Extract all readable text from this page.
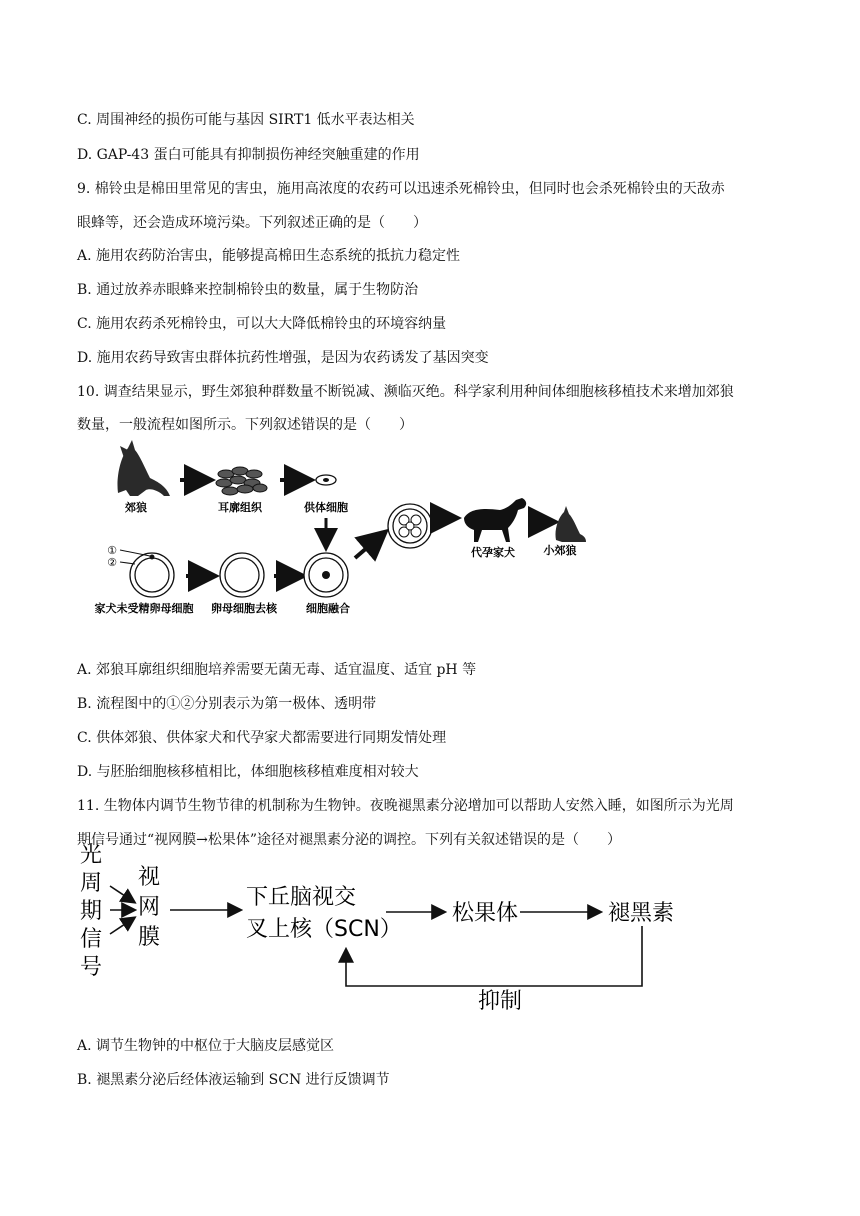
C. 周围神经的损伤可能与基因 SIRT1 低水平表达相关
D. GAP-43 蛋白可能具有抑制损伤神经突触重建的作用
9. 棉铃虫是棉田里常见的害虫，施用高浓度的农药可以迅速杀死棉铃虫，但同时也会杀死棉铃虫的天敌赤
眼蜂等，还会造成环境污染。下列叙述正确的是（　　）
A. 施用农药防治害虫，能够提高棉田生态系统的抵抗力稳定性
B. 通过放养赤眼蜂来控制棉铃虫的数量，属于生物防治
C. 施用农药杀死棉铃虫，可以大大降低棉铃虫的环境容纳量
D. 施用农药导致害虫群体抗药性增强，是因为农药诱发了基因突变
10. 调查结果显示，野生郊狼种群数量不断锐减、濒临灭绝。科学家利用种间体细胞核移植技术来增加郊狼
数量，一般流程如图所示。下列叙述错误的是（　　）
郊狼	耳廓组织	供体细胞
①
②
家犬未受精卵母细胞 卵母细胞去核	细胞融合
代孕家犬	小郊狼
A. 郊狼耳廓组织细胞培养需要无菌无毒、适宜温度、适宜 pH 等
B. 流程图中的①②分别表示为第一极体、透明带
C. 供体郊狼、供体家犬和代孕家犬都需要进行同期发情处理
D. 与胚胎细胞核移植相比，体细胞核移植难度相对较大
11. 生物体内调节生物节律的机制称为生物钟。夜晚褪黑素分泌增加可以帮助人安然入睡，如图所示为光周
期信号通过“视网膜→松果体”途径对褪黑素分泌的调控。下列有关叙述错误的是（　　）
光
周
期
信
号
视
网
膜
下丘脑视交
叉上核（SCN）
松果体	褪黑素
抑制
A. 调节生物钟的中枢位于大脑皮层感觉区
B. 褪黑素分泌后经体液运输到 SCN 进行反馈调节
